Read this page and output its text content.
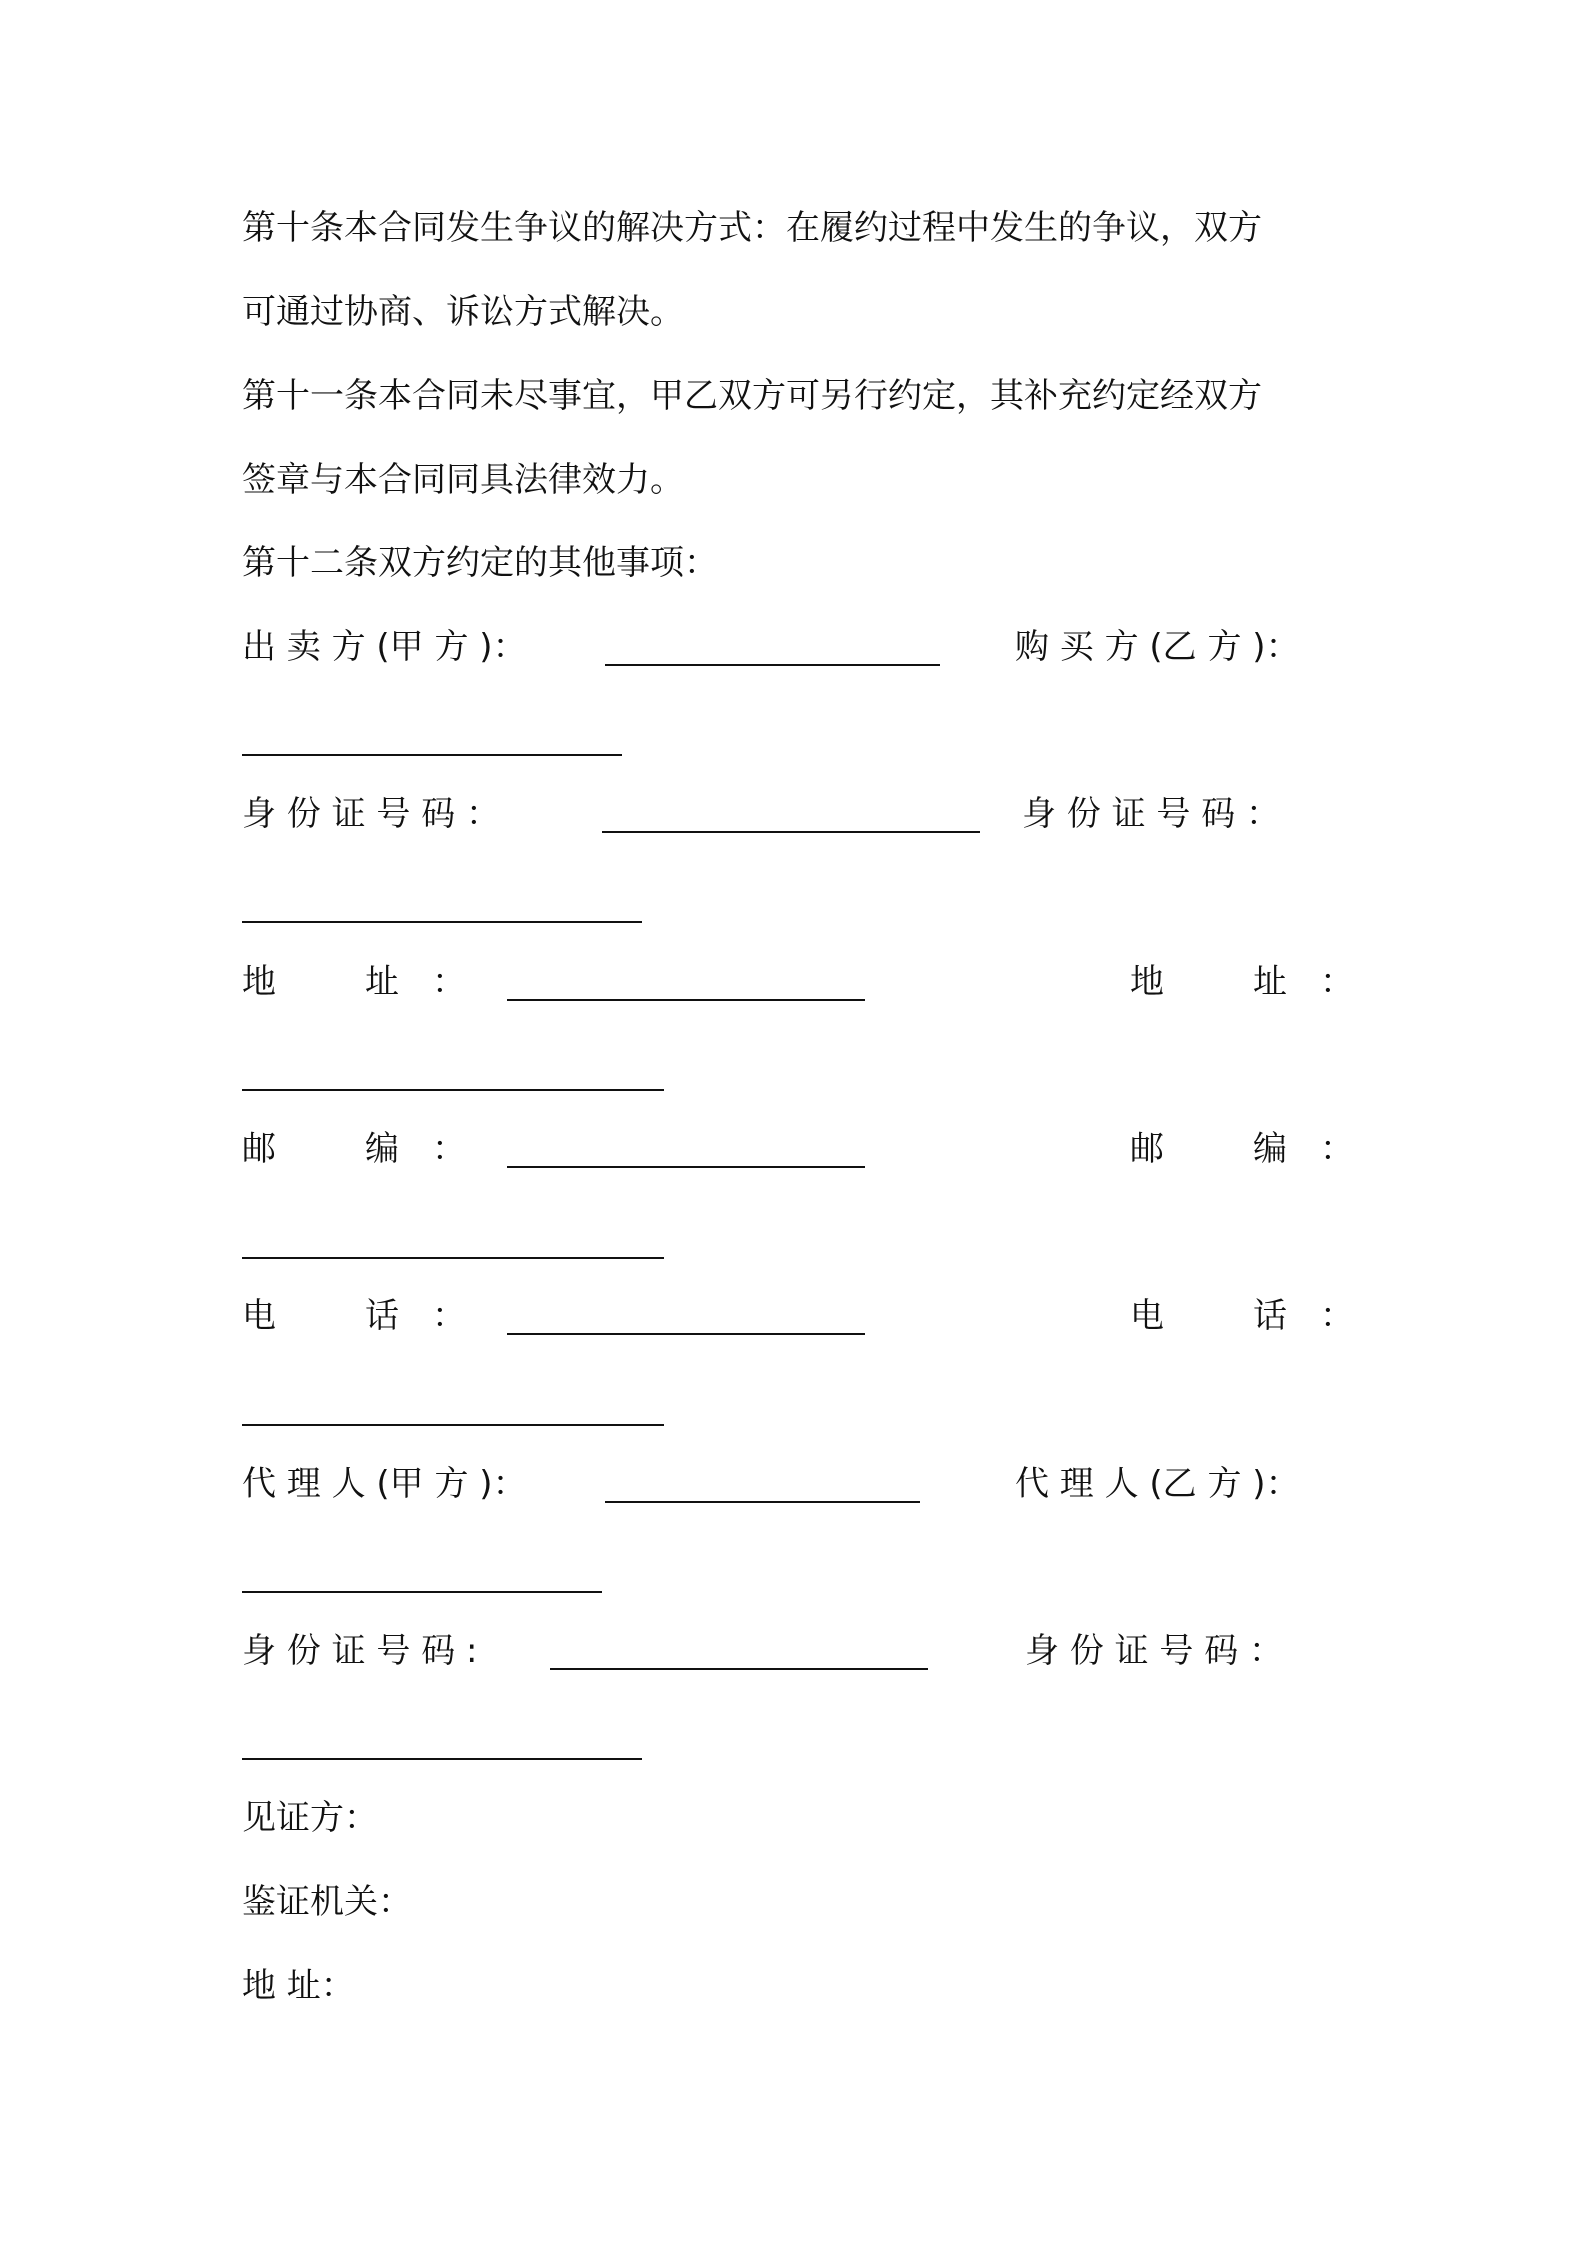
第十条本合同发生争议的解决方式：在履约过程中发生的争议，双方
可通过协商、诉讼方式解决。
第十一条本合同未尽事宜，甲乙双方可另行约定，其补充约定经双方
签章与本合同同具法律效力。
第十二条双方约定的其他事项：
出 卖 方 (甲 方 )：	购 买 方 (乙 方 )：
身 份 证 号 码 ：	身 份 证 号 码 ：
地	址 ：	地	址 ：
邮	编 ：	邮	编 ：
电	话 ：	电	话 ：
代 理 人 (甲 方 )：	代 理 人 (乙 方 )：
身 份 证 号 码 :	身 份 证 号 码 ：
见证方：
鉴证机关：
地 址：
